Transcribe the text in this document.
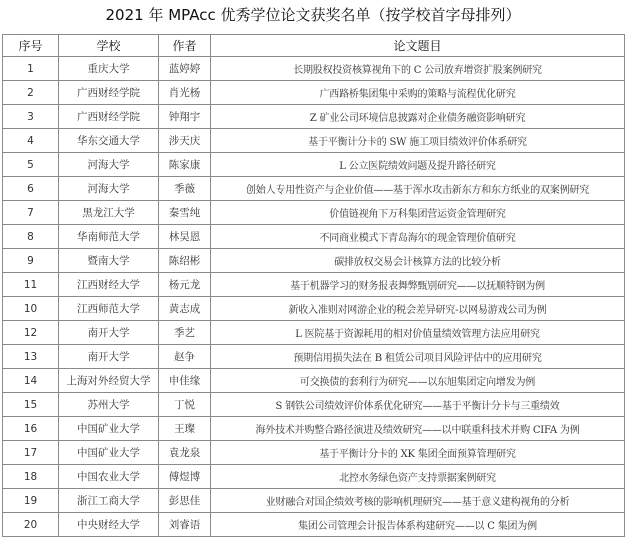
2021 年 MPAcc 优秀学位论文获奖名单（按学校首字母排列）
序号	学校	作者	论文题目
1	重庆大学	蓝婷婷	长期股权投资核算视角下的 C 公司放弃增资扩股案例研究
2	广西财经学院	肖光杨	广西路桥集团集中采购的策略与流程优化研究
3	广西财经学院	钟翔宇	Z 矿业公司环境信息披露对企业债务融资影响研究
4	华东交通大学	涉天庆	基于平衡计分卡的 SW 施工项目绩效评价体系研究
5	河海大学	陈家康	L 公立医院绩效问题及提升路径研究
6	河海大学	季薇	创始人专用性资产与企业价值——基于浑水攻击新东方和东方纸业的双案例研究
7	黑龙江大学	秦雪纯	价值链视角下万科集团营运资金管理研究
8	华南师范大学	林昊恩	不同商业模式下青岛海尔的现金管理价值研究
9	暨南大学	陈绍彬	碳排放权交易会计核算方法的比较分析
11	江西财经大学	杨元龙	基于机器学习的财务报表舞弊甄别研究——以抚顺特钢为例
10	江西师范大学	黄志成	新收入准则对网游企业的税会差异研究-以网易游戏公司为例
12	南开大学	季艺	L 医院基于资源耗用的相对价值量绩效管理方法应用研究
13	南开大学	赵争	预期信用损失法在 B 租赁公司项目风险评估中的应用研究
14	上海对外经贸大学	申佳缘	可交换债的套利行为研究——以东旭集团定向增发为例
15	苏州大学	丁悦	S 钢铁公司绩效评价体系优化研究——基于平衡计分卡与三重绩效
16	中国矿业大学	王璨	海外技术并购整合路径演进及绩效研究——以中联重科技术并购 CIFA 为例
17	中国矿业大学	袁龙泉	基于平衡计分卡的 XK 集团全面预算管理研究
18	中国农业大学	傅煜博	北控水务绿色资产支持票据案例研究
19	浙江工商大学	彭思佳	业财融合对国企绩效考核的影响机理研究——基于意义建构视角的分析
20	中央财经大学	刘睿语	集团公司管理会计报告体系构建研究——以 C 集团为例
